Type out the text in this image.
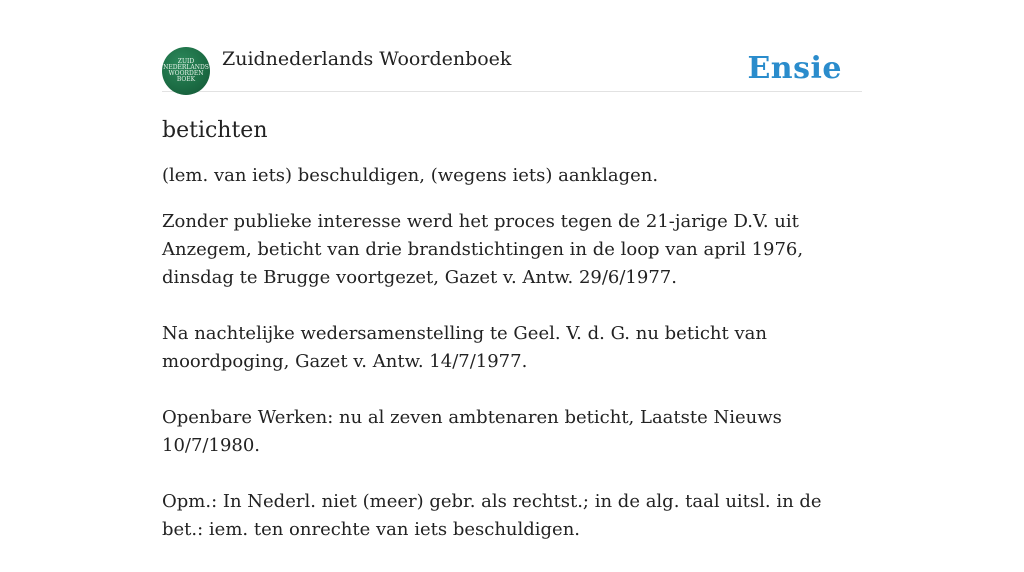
ZUID
NEDERLANDS
WOORDEN
BOEK
Zuidnederlands Woordenboek	Ensie
betichten

(lem. van iets) beschuldigen, (wegens iets) aanklagen.

Zonder publieke interesse werd het proces tegen de 21-jarige D.V. uit Anzegem, beticht van drie brandstichtingen in de loop van april 1976, dinsdag te Brugge voortgezet, Gazet v. Antw. 29/6/1977.

Na nachtelijke wedersamenstelling te Geel. V. d. G. nu beticht van moordpoging, Gazet v. Antw. 14/7/1977.

Openbare Werken: nu al zeven ambtenaren beticht, Laatste Nieuws 10/7/1980.

Opm.: In Nederl. niet (meer) gebr. als rechtst.; in de alg. taal uitsl. in de bet.: iem. ten onrechte van iets beschuldigen.
